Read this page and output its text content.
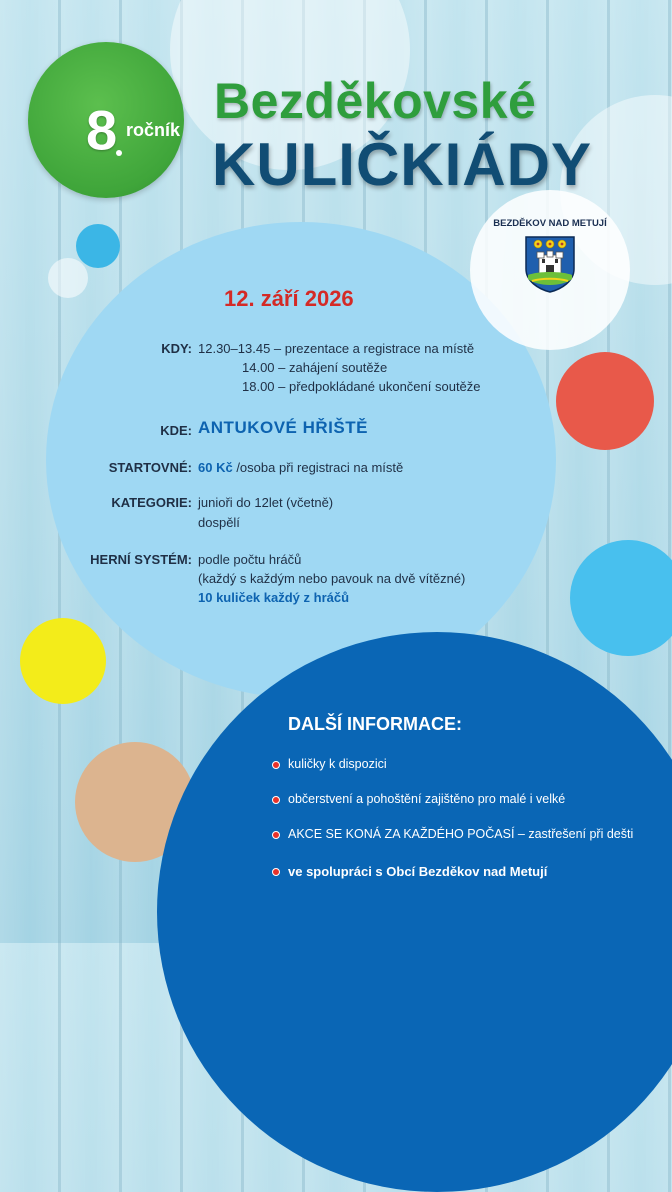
8 ročník
Bezděkovské
KULIČKIÁDY
BEZDĚKOV NAD METUJÍ
12. září 2026
KDY: 12.30–13.45 – prezentace a registrace na místě
14.00 – zahájení soutěže
18.00 – předpokládané ukončení soutěže
KDE: ANTUKOVÉ HŘIŠTĚ
STARTOVNÉ: 60 Kč /osoba při registraci na místě
KATEGORIE: junioři do 12let (včetně)
dospělí
HERNÍ SYSTÉM: podle počtu hráčů
(každý s každým nebo pavouk na dvě vítězné)
10 kuliček každý z hráčů
DALŠÍ INFORMACE:
kuličky k dispozici
občerstvení a pohoštění zajištěno pro malé i velké
AKCE SE KONÁ ZA KAŽDÉHO POČASÍ – zastřešení při dešti
ve spolupráci s Obcí Bezděkov nad Metují
